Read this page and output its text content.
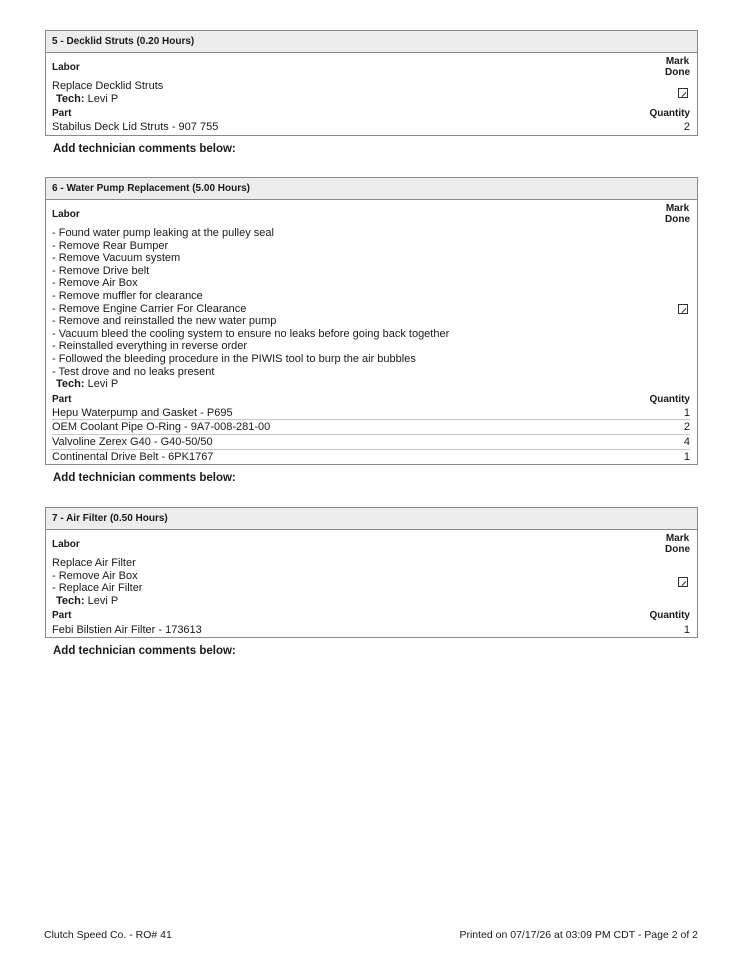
5 - Decklid Struts (0.20 Hours)
Labor	Mark
Done
Replace Decklid Struts
Tech: Levi P
Part	Quantity
Stabilus Deck Lid Struts - 907 755	2
Add technician comments below:
6 - Water Pump Replacement (5.00 Hours)
Labor	Mark
Done
- Found water pump leaking at the pulley seal
- Remove Rear Bumper
- Remove Vacuum system
- Remove Drive belt
- Remove Air Box
- Remove muffler for clearance
- Remove Engine Carrier For Clearance
- Remove and reinstalled the new water pump
- Vacuum bleed the cooling system to ensure no leaks before going back together
- Reinstalled everything in reverse order
- Followed the bleeding procedure in the PIWIS tool to burp the air bubbles
- Test drove and no leaks present
Tech: Levi P
Part	Quantity
Hepu Waterpump and Gasket - P695	1
OEM Coolant Pipe O-Ring - 9A7-008-281-00	2
Valvoline Zerex G40 - G40-50/50	4
Continental Drive Belt - 6PK1767	1
Add technician comments below:
7 - Air Filter (0.50 Hours)
Labor	Mark
Done
Replace Air Filter
- Remove Air Box
- Replace Air Filter
Tech: Levi P
Part	Quantity
Febi Bilstien Air Filter - 173613	1
Add technician comments below:
Clutch Speed Co. - RO# 41	Printed on 07/17/26 at 03:09 PM CDT - Page 2 of 2
